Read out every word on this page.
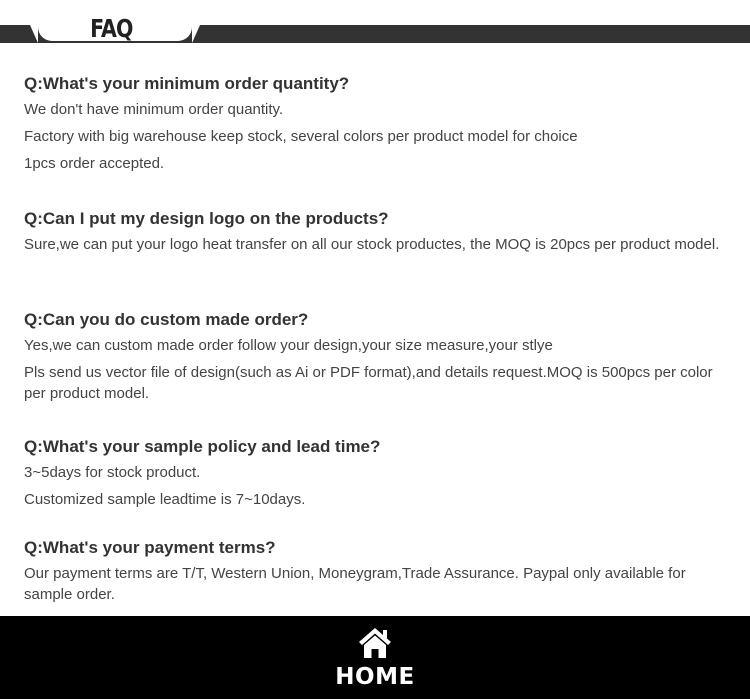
FAQ

Q:What's your minimum order quantity?

We don't have minimum order quantity.

Factory with big warehouse keep stock, several colors per product model for choice

1pcs order accepted.

Q:Can I put my design logo on the products?

Sure,we can put your logo heat transfer on all our stock productes, the MOQ is 20pcs per product model.

Q:Can you do custom made order?

Yes,we can custom made order follow your design,your size measure,your stlye

Pls send us vector file of design(such as Ai or PDF format),and details request.MOQ is 500pcs per color per product model.

Q:What's your sample policy and lead time?

3~5days for stock product.

Customized sample leadtime is 7~10days.

Q:What's your payment terms?

Our payment terms are T/T, Western Union, Moneygram,Trade Assurance. Paypal only available for sample order.

HOME
